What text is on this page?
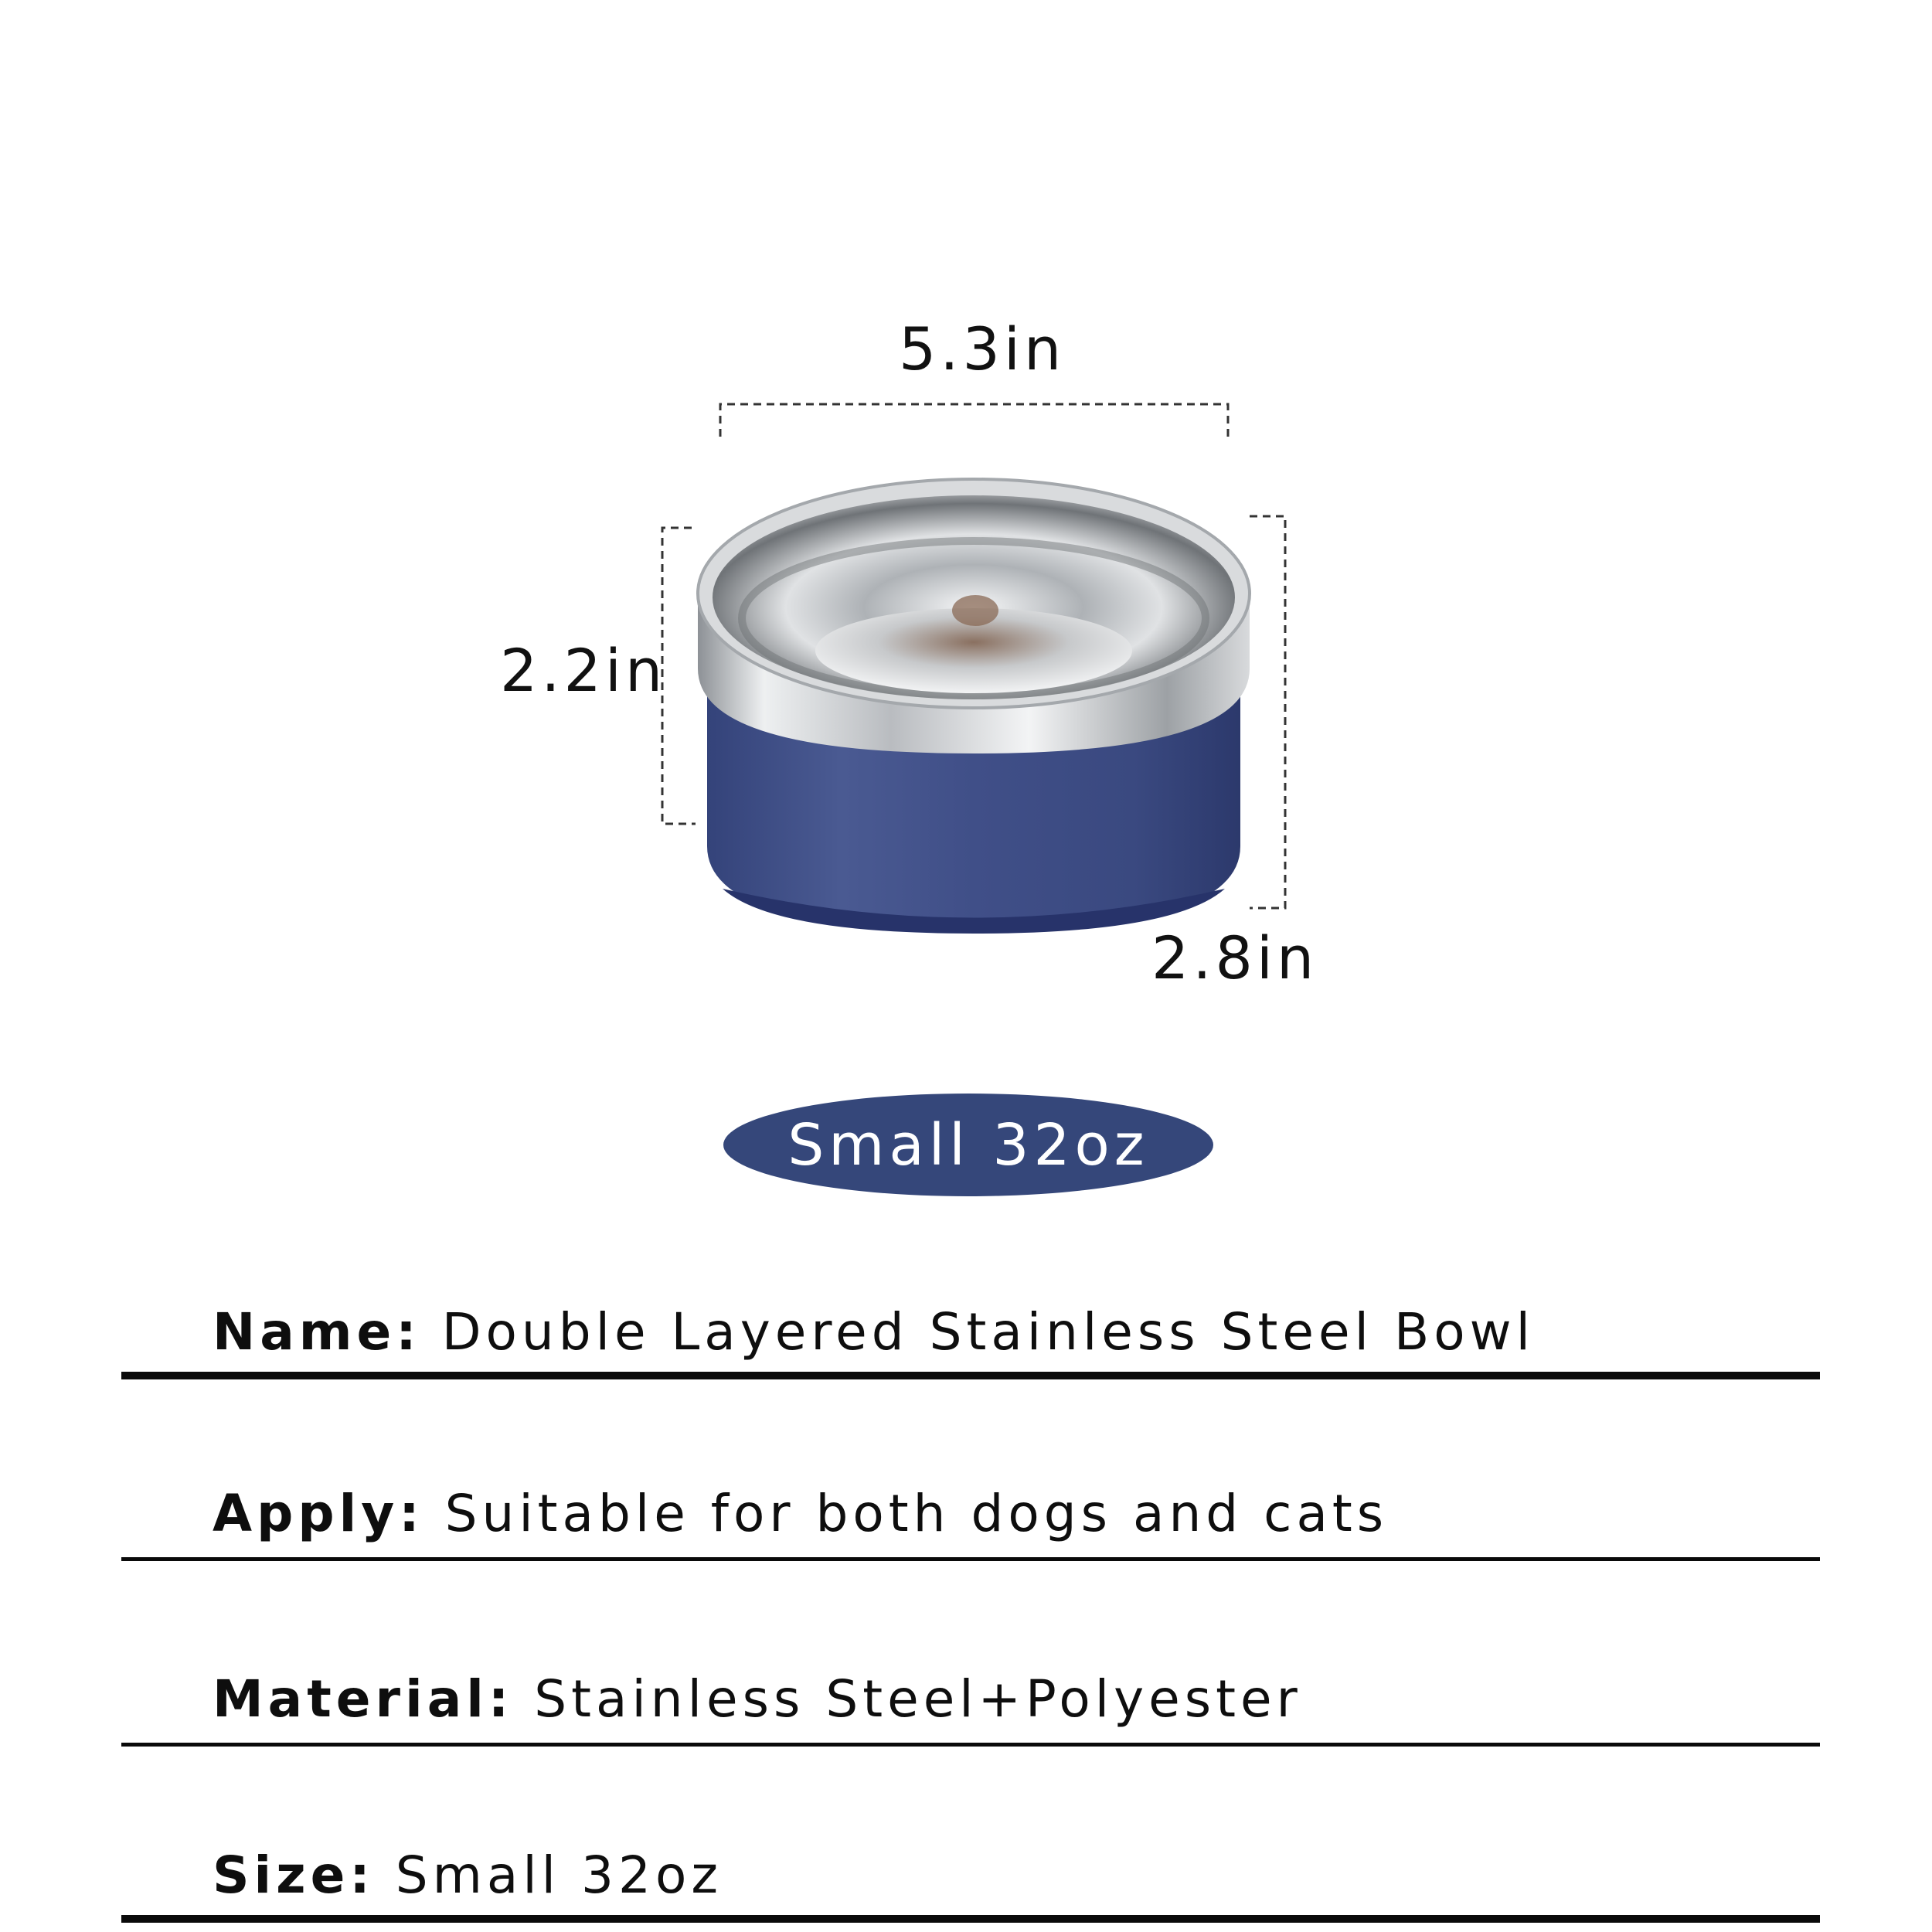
5.3in
2.2in
2.8in
Small 32oz
Name: Double Layered Stainless Steel Bowl
Apply: Suitable for both dogs and cats
Material: Stainless Steel+Polyester
Size: Small 32oz
